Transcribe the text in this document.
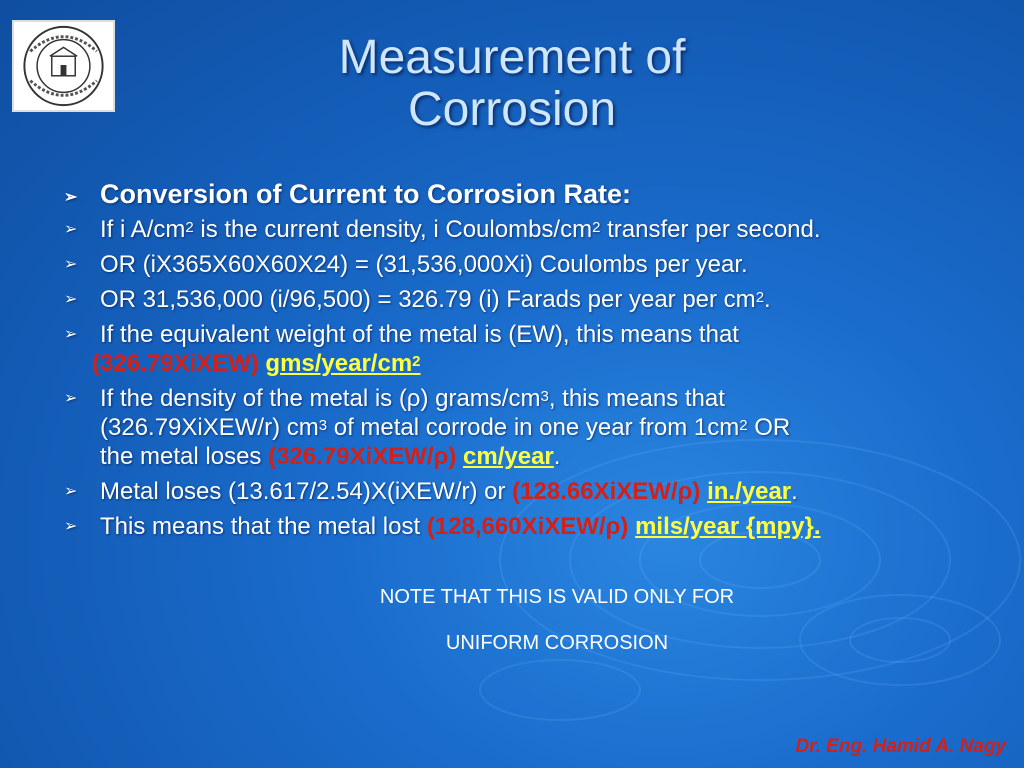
Measurement of
Corrosion
➢ Conversion of Current to Corrosion Rate:
➢ If i $A/cm^2$ is the current density, i Coulombs/$cm^2$ transfer per second.
➢ OR (iX365X60X60X24) = (31,536,000Xi) Coulombs per year.
➢ OR 31,536,000 (i/96,500) = 326.79 (i) Farads per year per $cm^2$.
➢ If the equivalent weight of the metal is (EW), this means that
(326.79XiXEW) gms/$year/cm^2$
➢ If the density of the metal is (ρ) grams/$cm^3$, this means that
(326.79XiXEW/r) $cm^3$ of metal corrode in one year from $1cm^2$ OR
the metal loses (326.79XiXEW/ρ) cm/year.
➢ Metal loses (13.617/2.54)X(iXEW/r) or (128.66XiXEW/ρ) in./year.
➢ This means that the metal lost (128,660XiXEW/ρ) mils/year {mpy}.
NOTE THAT THIS IS VALID ONLY FOR
UNIFORM CORROSION
Dr. Eng. Hamid A. Nagy
